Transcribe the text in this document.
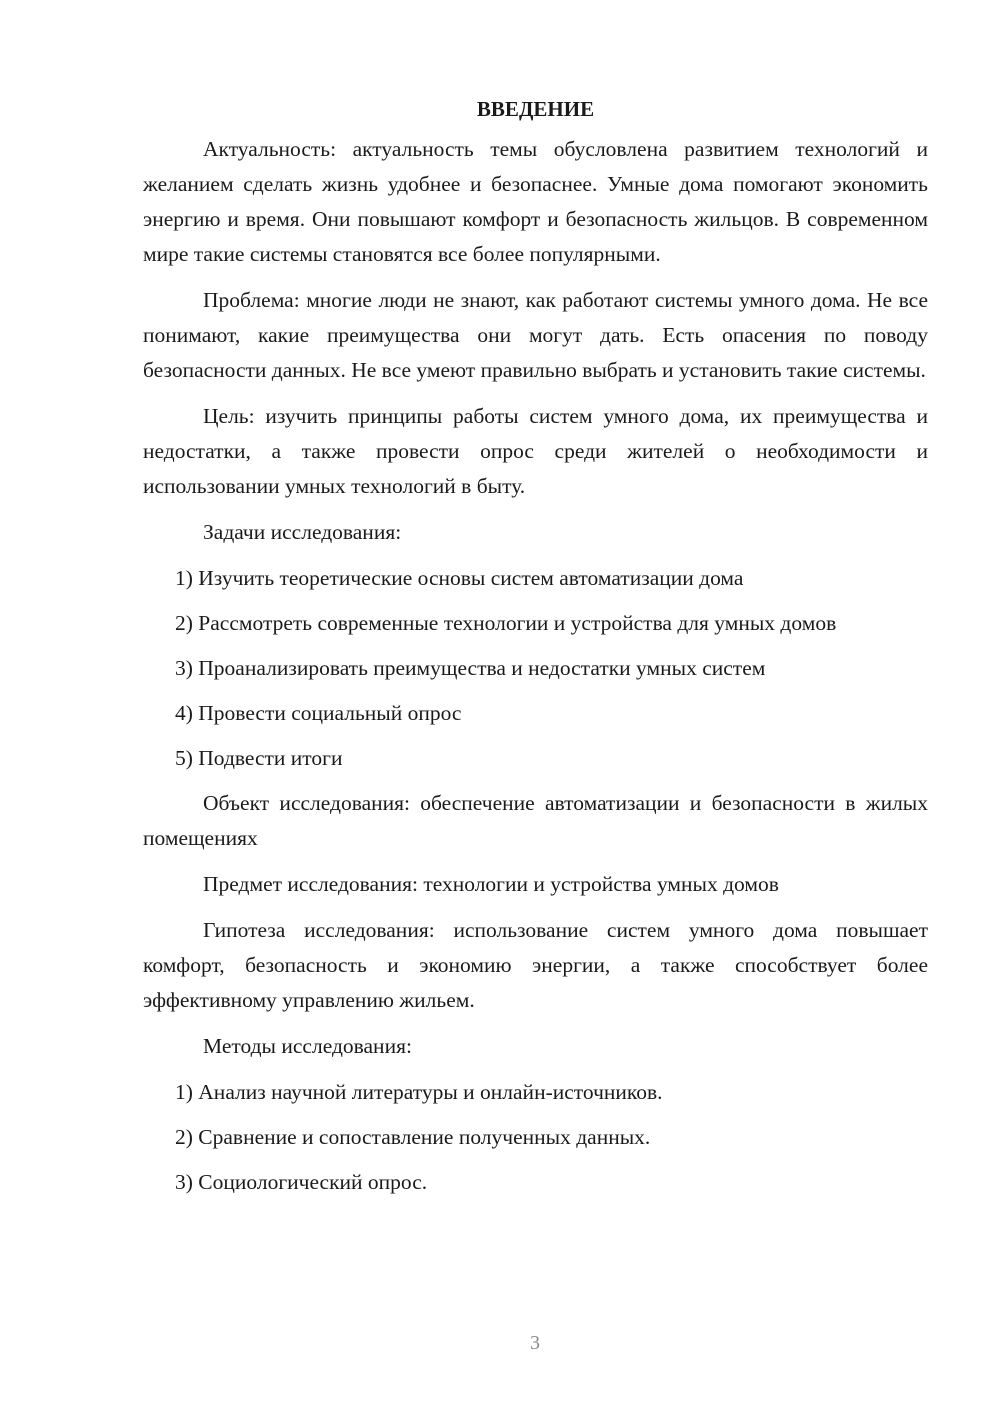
ВВЕДЕНИЕ

Актуальность: актуальность темы обусловлена развитием технологий и желанием сделать жизнь удобнее и безопаснее. Умные дома помогают экономить энергию и время. Они повышают комфорт и безопасность жильцов. В современном мире такие системы становятся все более популярными.

Проблема: многие люди не знают, как работают системы умного дома. Не все понимают, какие преимущества они могут дать. Есть опасения по поводу безопасности данных. Не все умеют правильно выбрать и установить такие системы.

Цель: изучить принципы работы систем умного дома, их преимущества и недостатки, а также провести опрос среди жителей о необходимости и использовании умных технологий в быту.

Задачи исследования:

1) Изучить теоретические основы систем автоматизации дома

2) Рассмотреть современные технологии и устройства для умных домов

3) Проанализировать преимущества и недостатки умных систем

4) Провести социальный опрос

5) Подвести итоги

Объект исследования: обеспечение автоматизации и безопасности в жилых помещениях

Предмет исследования: технологии и устройства умных домов

Гипотеза исследования: использование систем умного дома повышает комфорт, безопасность и экономию энергии, а также способствует более эффективному управлению жильем.

Методы исследования:

1) Анализ научной литературы и онлайн-источников.

2) Сравнение и сопоставление полученных данных.

3) Социологический опрос.

3
